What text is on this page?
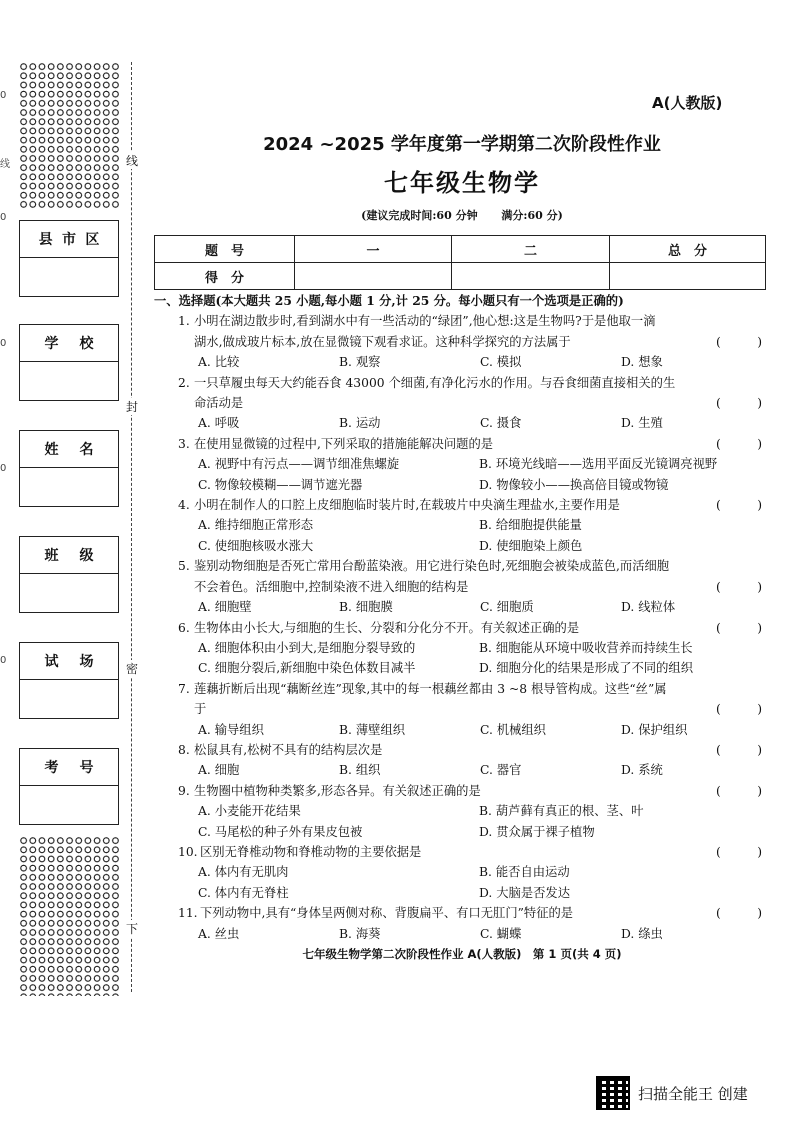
县 市 区
学 校
姓 名
班 级
试 场
考 号
线
封
密
下
0
线
0
0
0
0
A(人教版)
2024 ~2025 学年度第一学期第二次阶段性作业
七年级生物学
(建议完成时间:60 分钟 满分:60 分)
题　号	一	二	总　分
得　分			
一、选择题(本大题共 25 小题,每小题 1 分,计 25 分。每小题只有一个选项是正确的)
1. 小明在湖边散步时,看到湖水中有一些活动的“绿团”,他心想:这是生物吗?于是他取一滴
湖水,做成玻片标本,放在显微镜下观看求证。这种科学探究的方法属于	(	)
A. 比较	B. 观察	C. 模拟	D. 想象
2. 一只草履虫每天大约能吞食 43000 个细菌,有净化污水的作用。与吞食细菌直接相关的生
命活动是	(	)
A. 呼吸	B. 运动	C. 摄食	D. 生殖
3. 在使用显微镜的过程中,下列采取的措施能解决问题的是	(	)
A. 视野中有污点——调节细准焦螺旋	B. 环境光线暗——选用平面反光镜调亮视野
C. 物像较模糊——调节遮光器	D. 物像较小——换高倍目镜或物镜
4. 小明在制作人的口腔上皮细胞临时装片时,在载玻片中央滴生理盐水,主要作用是	(	)
A. 维持细胞正常形态	B. 给细胞提供能量
C. 使细胞核吸水涨大	D. 使细胞染上颜色
5. 鉴别动物细胞是否死亡常用台酚蓝染液。用它进行染色时,死细胞会被染成蓝色,而活细胞
不会着色。活细胞中,控制染液不进入细胞的结构是	(	)
A. 细胞壁	B. 细胞膜	C. 细胞质	D. 线粒体
6. 生物体由小长大,与细胞的生长、分裂和分化分不开。有关叙述正确的是	(	)
A. 细胞体积由小到大,是细胞分裂导致的	B. 细胞能从环境中吸收营养而持续生长
C. 细胞分裂后,新细胞中染色体数目减半	D. 细胞分化的结果是形成了不同的组织
7. 莲藕折断后出现“藕断丝连”现象,其中的每一根藕丝都由 3 ~8 根导管构成。这些“丝”属
于	(	)
A. 输导组织	B. 薄壁组织	C. 机械组织	D. 保护组织
8. 松鼠具有,松树不具有的结构层次是	(	)
A. 细胞	B. 组织	C. 器官	D. 系统
9. 生物圈中植物种类繁多,形态各异。有关叙述正确的是	(	)
A. 小麦能开花结果	B. 葫芦藓有真正的根、茎、叶
C. 马尾松的种子外有果皮包被	D. 贯众属于裸子植物
10. 区别无脊椎动物和脊椎动物的主要依据是	(	)
A. 体内有无肌肉	B. 能否自由运动
C. 体内有无脊柱	D. 大脑是否发达
11. 下列动物中,具有“身体呈两侧对称、背腹扁平、有口无肛门”特征的是	(	)
A. 丝虫	B. 海葵	C. 蝴蝶	D. 绦虫
七年级生物学第二次阶段性作业 A(人教版)　第 1 页(共 4 页)
扫描全能王 创建
